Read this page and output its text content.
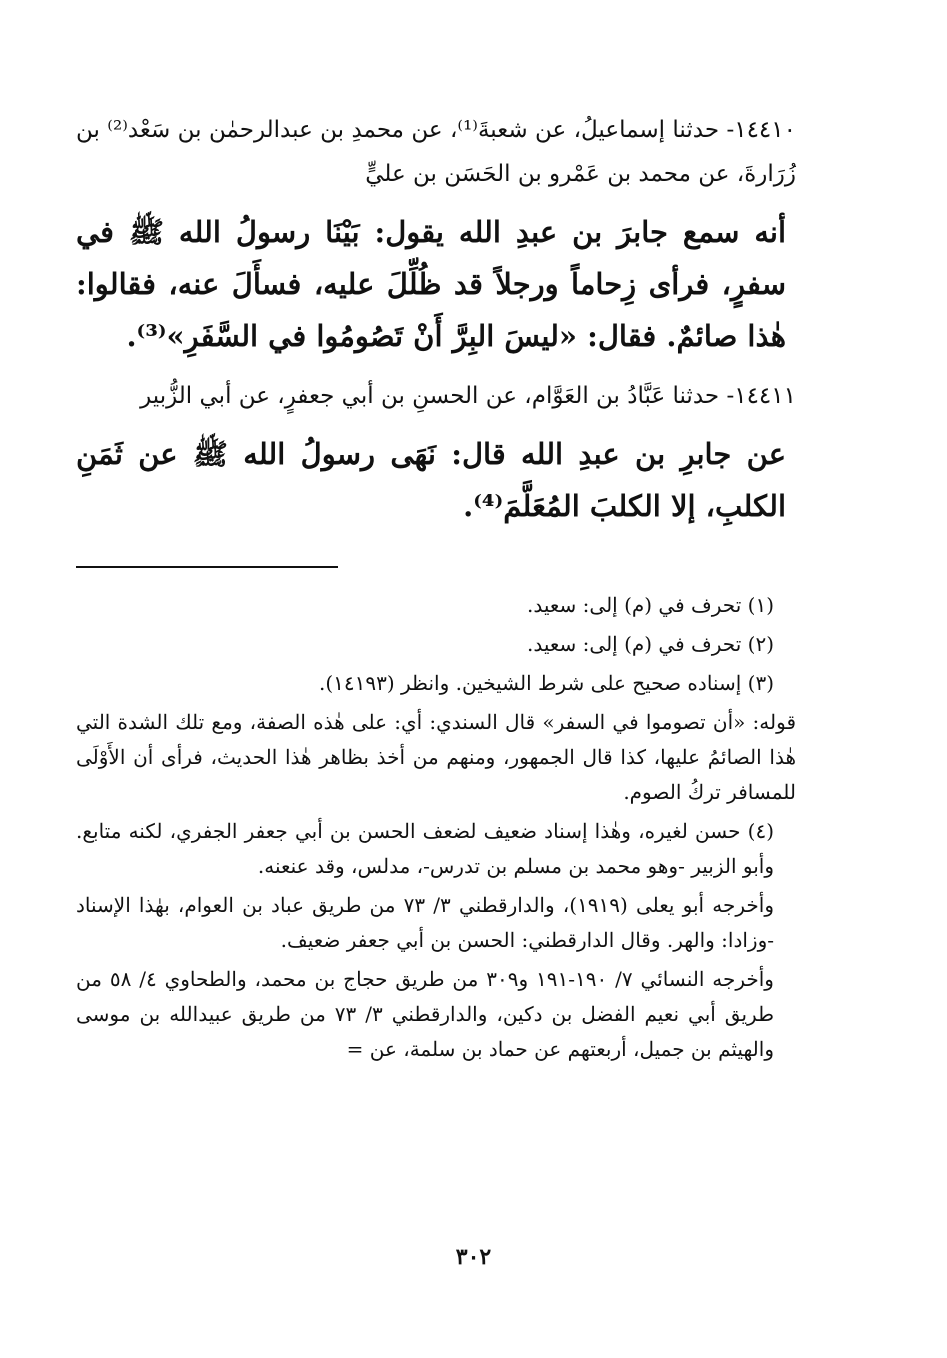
١٤٤١٠- حدثنا إسماعيلُ، عن شعبةَ⁽¹⁾، عن محمدِ بن عبدالرحمٰن بن سَعْد⁽²⁾ بن زُرَارةَ، عن محمد بن عَمْرو بن الحَسَن بن عليٍّ

أنه سمع جابرَ بن عبدِ الله يقول: بَيْنَا رسولُ الله ﷺ في سفرٍ، فرأى زِحاماً ورجلاً قد ظُلِّلَ عليه، فسأَلَ عنه، فقالوا: هٰذا صائمٌ. فقال: «ليسَ البِرَّ أَنْ تَصُومُوا في السَّفَرِ»⁽³⁾.

١٤٤١١- حدثنا عَبَّادُ بن العَوَّام، عن الحسنِ بن أبي جعفرٍ، عن أبي الزُّبير

عن جابرِ بن عبدِ الله قال: نَهَى رسولُ الله ﷺ عن ثَمَنِ الكلبِ، إلا الكلبَ المُعَلَّمَ⁽⁴⁾.

(١) تحرف في (م) إلى: سعيد.

(٢) تحرف في (م) إلى: سعيد.

(٣) إسناده صحيح على شرط الشيخين. وانظر (١٤١٩٣).

قوله: «أن تصوموا في السفر» قال السندي: أي: على هٰذه الصفة، ومع تلك الشدة التي هٰذا الصائمُ عليها، كذا قال الجمهور، ومنهم من أخذ بظاهر هٰذا الحديث، فرأى أن الأَوْلَى للمسافر تركُ الصوم.

(٤) حسن لغيره، وهٰذا إسناد ضعيف لضعف الحسن بن أبي جعفر الجفري، لكنه متابع. وأبو الزبير -وهو محمد بن مسلم بن تدرس-، مدلس، وقد عنعنه.

وأخرجه أبو يعلى (١٩١٩)، والدارقطني ٣/ ٧٣ من طريق عباد بن العوام، بهٰذا الإسناد -وزادا: والهر. وقال الدارقطني: الحسن بن أبي جعفر ضعيف.

وأخرجه النسائي ٧/ ١٩٠-١٩١ و٣٠٩ من طريق حجاج بن محمد، والطحاوي ٤/ ٥٨ من طريق أبي نعيم الفضل بن دكين، والدارقطني ٣/ ٧٣ من طريق عبيدالله بن موسى والهيثم بن جميل، أربعتهم عن حماد بن سلمة، عن =

٣٠٢
